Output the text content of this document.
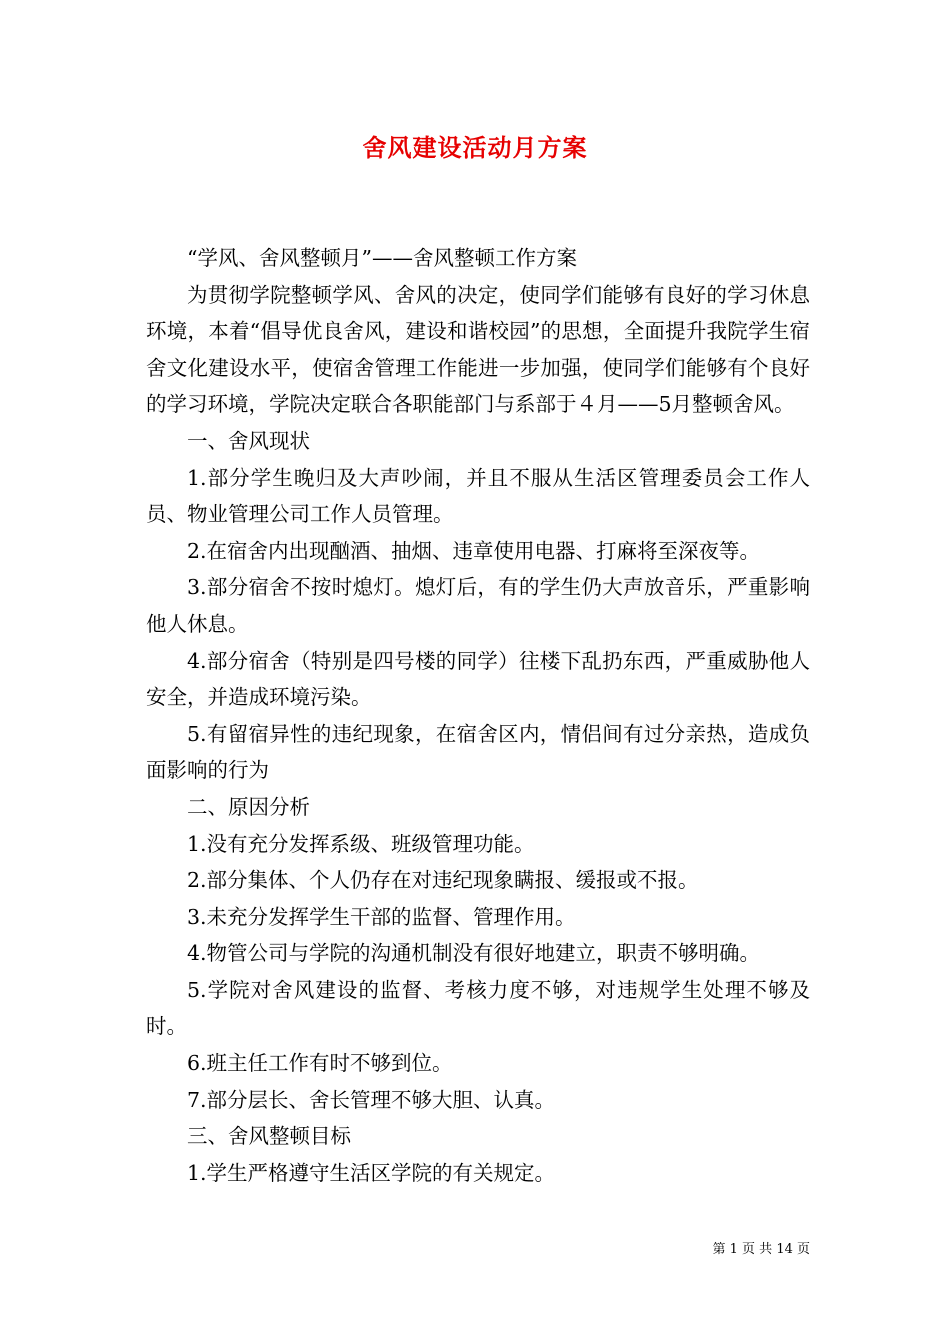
舍风建设活动月方案

“学风、舍风整顿月”——舍风整顿工作方案

为贯彻学院整顿学风、舍风的决定，使同学们能够有良好的学习休息环境，本着“倡导优良舍风，建设和谐校园”的思想，全面提升我院学生宿舍文化建设水平，使宿舍管理工作能进一步加强，使同学们能够有个良好的学习环境，学院决定联合各职能部门与系部于４月——5月整顿舍风。

一、舍风现状

1.部分学生晚归及大声吵闹，并且不服从生活区管理委员会工作人员、物业管理公司工作人员管理。

2.在宿舍内出现酗酒、抽烟、违章使用电器、打麻将至深夜等。

3.部分宿舍不按时熄灯。熄灯后，有的学生仍大声放音乐，严重影响他人休息。

4.部分宿舍（特别是四号楼的同学）往楼下乱扔东西，严重威胁他人安全，并造成环境污染。

5.有留宿异性的违纪现象，在宿舍区内，情侣间有过分亲热，造成负面影响的行为

二、原因分析

1.没有充分发挥系级、班级管理功能。

2.部分集体、个人仍存在对违纪现象瞒报、缓报或不报。

3.未充分发挥学生干部的监督、管理作用。

4.物管公司与学院的沟通机制没有很好地建立，职责不够明确。

5.学院对舍风建设的监督、考核力度不够，对违规学生处理不够及时。

6.班主任工作有时不够到位。

7.部分层长、舍长管理不够大胆、认真。

三、舍风整顿目标

1.学生严格遵守生活区学院的有关规定。

第 1 页 共 14 页
